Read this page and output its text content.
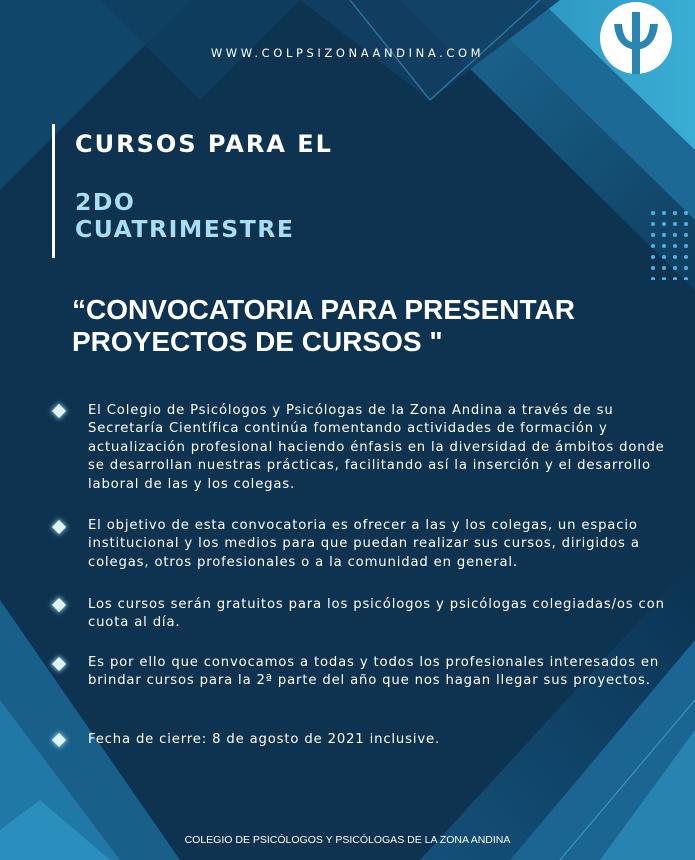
WWW.COLPSIZONAANDINA.COM
CURSOS PARA EL
2DO
CUATRIMESTRE
“CONVOCATORIA PARA PRESENTAR PROYECTOS DE CURSOS "
El Colegio de Psicólogos y Psicólogas de la Zona Andina a través de su Secretaría Científica continúa fomentando actividades de formación y actualización profesional haciendo énfasis en la diversidad de ámbitos donde se desarrollan nuestras prácticas, facilitando así la inserción y el desarrollo laboral de las y los colegas.
El objetivo de esta convocatoria es ofrecer a las y los colegas, un espacio institucional y los medios para que puedan realizar sus cursos, dirigidos a colegas, otros profesionales o a la comunidad en general.
Los cursos serán gratuitos para los psicólogos y psicólogas colegiadas/os con cuota al día.
Es por ello que convocamos a todas y todos los profesionales interesados en brindar cursos para la 2ª parte del año que nos hagan llegar sus proyectos.
Fecha de cierre: 8 de agosto de 2021 inclusive.
COLEGIO DE PSICÓLOGOS Y PSICÓLOGAS DE LA ZONA ANDINA
